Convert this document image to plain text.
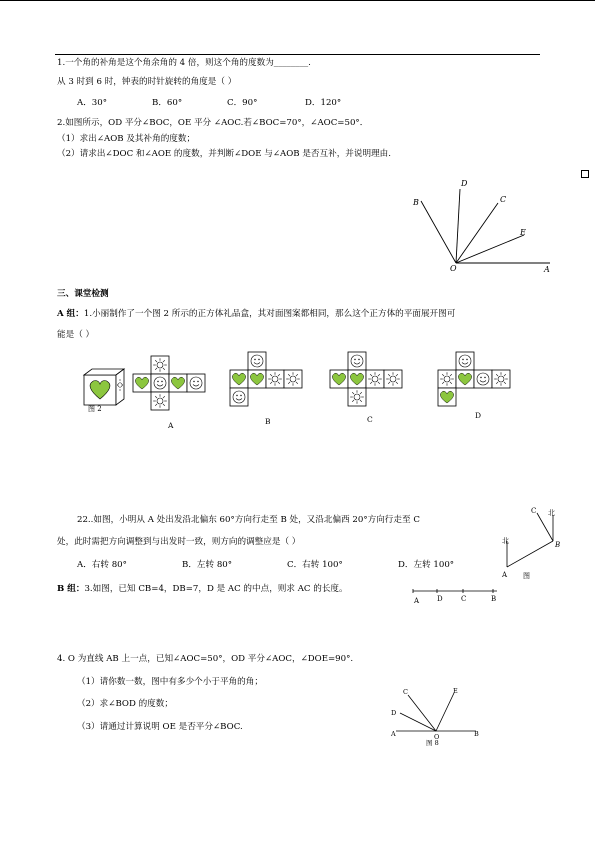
1.一个角的补角是这个角余角的 4 倍，则这个角的度数为________.
从 3 时到 6 时，钟表的时针旋转的角度是（ ）
A．30°	B．60°	C．90°	D．120°
2.如图所示，OD 平分∠BOC，OE 平分 ∠AOC.若∠BOC=70°，∠AOC=50°．
（1）求出∠AOB 及其补角的度数；
（2）请求出∠DOC 和∠AOE 的度数，并判断∠DOE 与∠AOB 是否互补，并说明理由.
D
C
B
E
O	A
三、课堂检测
A 组：1.小丽制作了一个图 2 所示的正方体礼品盒，其对面图案都相同，那么这个正方体的平面展开图可
能是（ ）
图 2
A	B	C	D
22..如图，小明从 A 处出发沿北偏东 60°方向行走至 B 处，又沿北偏西 20°方向行走至 C
处，此时需把方向调整到与出发时一致，则方向的调整应是（ ）
A．右转 80°	B．左转 80°	C．右转 100°	D．左转 100°
C 北
北	B
A 图
B 组：3.如图，已知 CB=4，DB=7，D 是 AC 的中点，则求 AC 的长度。
A	D	C	B
4. O 为直线 AB 上一点，已知∠AOC=50°，OD 平分∠AOC，∠DOE=90°.
（1）请你数一数，图中有多少个小于平角的角；
（2）求∠BOD 的度数；
（3）请通过计算说明 OE 是否平分∠BOC.
C
D
E
A	O	B
图 8
